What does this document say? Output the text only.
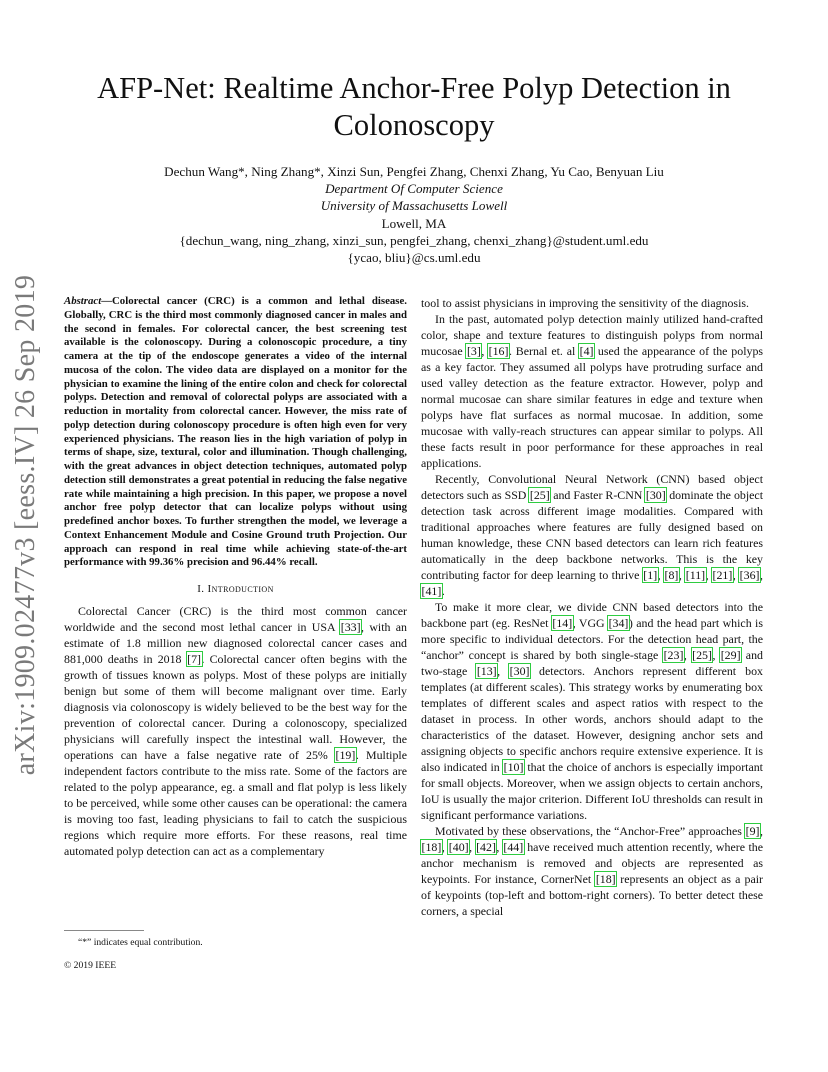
arXiv:1909.02477v3 [eess.IV] 26 Sep 2019
AFP-Net: Realtime Anchor-Free Polyp Detection in Colonoscopy
Dechun Wang*, Ning Zhang*, Xinzi Sun, Pengfei Zhang, Chenxi Zhang, Yu Cao, Benyuan Liu
Department Of Computer Science
University of Massachusetts Lowell
Lowell, MA
{dechun_wang, ning_zhang, xinzi_sun, pengfei_zhang, chenxi_zhang}@student.uml.edu
{ycao, bliu}@cs.uml.edu

Abstract—Colorectal cancer (CRC) is a common and lethal disease. Globally, CRC is the third most commonly diagnosed cancer in males and the second in females. For colorectal cancer, the best screening test available is the colonoscopy. During a colonoscopic procedure, a tiny camera at the tip of the endoscope generates a video of the internal mucosa of the colon. The video data are displayed on a monitor for the physician to examine the lining of the entire colon and check for colorectal polyps. Detection and removal of colorectal polyps are associated with a reduction in mortality from colorectal cancer. However, the miss rate of polyp detection during colonoscopy procedure is often high even for very experienced physicians. The reason lies in the high variation of polyp in terms of shape, size, textural, color and illumination. Though challenging, with the great advances in object detection techniques, automated polyp detection still demonstrates a great potential in reducing the false negative rate while maintaining a high precision. In this paper, we propose a novel anchor free polyp detector that can localize polyps without using predefined anchor boxes. To further strengthen the model, we leverage a Context Enhancement Module and Cosine Ground truth Projection. Our approach can respond in real time while achieving state-of-the-art performance with 99.36% precision and 96.44% recall.

I. Introduction

Colorectal Cancer (CRC) is the third most common cancer worldwide and the second most lethal cancer in USA [33], with an estimate of 1.8 million new diagnosed colorectal cancer cases and 881,000 deaths in 2018 [7]. Colorectal cancer often begins with the growth of tissues known as polyps. Most of these polyps are initially benign but some of them will become malignant over time. Early diagnosis via colonoscopy is widely believed to be the best way for the prevention of colorectal cancer. During a colonoscopy, specialized physicians will carefully inspect the intestinal wall. However, the operations can have a false negative rate of 25% [19]. Multiple independent factors contribute to the miss rate. Some of the factors are related to the polyp appearance, eg. a small and flat polyp is less likely to be perceived, while some other causes can be operational: the camera is moving too fast, leading physicians to fail to catch the suspicious regions which require more efforts. For these reasons, real time automated polyp detection can act as a complementary

tool to assist physicians in improving the sensitivity of the diagnosis.

In the past, automated polyp detection mainly utilized hand-crafted color, shape and texture features to distinguish polyps from normal mucosae [3], [16]. Bernal et. al [4] used the appearance of the polyps as a key factor. They assumed all polyps have protruding surface and used valley detection as the feature extractor. However, polyp and normal mucosae can share similar features in edge and texture when polyps have flat surfaces as normal mucosae. In addition, some mucosae with vally-reach structures can appear similar to polyps. All these facts result in poor performance for these approaches in real applications.

Recently, Convolutional Neural Network (CNN) based object detectors such as SSD [25] and Faster R-CNN [30] dominate the object detection task across different image modalities. Compared with traditional approaches where features are fully designed based on human knowledge, these CNN based detectors can learn rich features automatically in the deep backbone networks. This is the key contributing factor for deep learning to thrive [1], [8], [11], [21], [36], [41].

To make it more clear, we divide CNN based detectors into the backbone part (eg. ResNet [14], VGG [34]) and the head part which is more specific to individual detectors. For the detection head part, the “anchor” concept is shared by both single-stage [23], [25], [29] and two-stage [13], [30] detectors. Anchors represent different box templates (at different scales). This strategy works by enumerating box templates of different scales and aspect ratios with respect to the dataset in process. In other words, anchors should adapt to the characteristics of the dataset. However, designing anchor sets and assigning objects to specific anchors require extensive experience. It is also indicated in [10] that the choice of anchors is especially important for small objects. Moreover, when we assign objects to certain anchors, IoU is usually the major criterion. Different IoU thresholds can result in significant performance variations.

Motivated by these observations, the “Anchor-Free” approaches [9], [18], [40], [42], [44] have received much attention recently, where the anchor mechanism is removed and objects are represented as keypoints. For instance, CornerNet [18] represents an object as a pair of keypoints (top-left and bottom-right corners). To better detect these corners, a special

“*” indicates equal contribution.
© 2019 IEEE
